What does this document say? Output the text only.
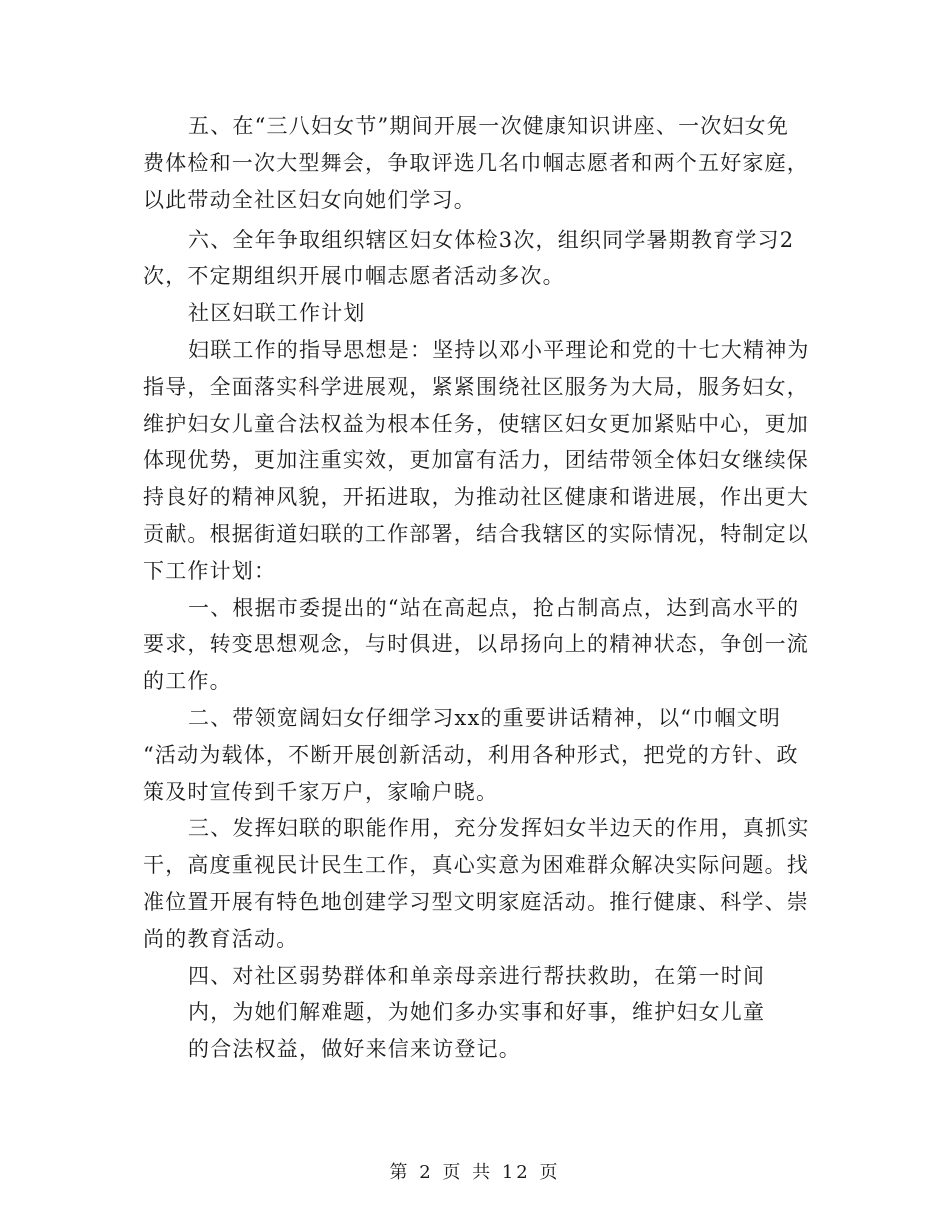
五、在“三八妇女节”期间开展一次健康知识讲座、一次妇女免
费体检和一次大型舞会，争取评选几名巾帼志愿者和两个五好家庭，
以此带动全社区妇女向她们学习。
六、全年争取组织辖区妇女体检3次，组织同学暑期教育学习2
次，不定期组织开展巾帼志愿者活动多次。
社区妇联工作计划
妇联工作的指导思想是：坚持以邓小平理论和党的十七大精神为
指导，全面落实科学进展观，紧紧围绕社区服务为大局，服务妇女，
维护妇女儿童合法权益为根本任务，使辖区妇女更加紧贴中心，更加
体现优势，更加注重实效，更加富有活力，团结带领全体妇女继续保
持良好的精神风貌，开拓进取，为推动社区健康和谐进展，作出更大
贡献。根据街道妇联的工作部署，结合我辖区的实际情况，特制定以
下工作计划：
一、根据市委提出的“站在高起点，抢占制高点，达到高水平的
要求，转变思想观念，与时俱进，以昂扬向上的精神状态，争创一流
的工作。
二、带领宽阔妇女仔细学习xx的重要讲话精神，以“巾帼文明
“活动为载体，不断开展创新活动，利用各种形式，把党的方针、政
策及时宣传到千家万户，家喻户晓。
三、发挥妇联的职能作用，充分发挥妇女半边天的作用，真抓实
干，高度重视民计民生工作，真心实意为困难群众解决实际问题。找
准位置开展有特色地创建学习型文明家庭活动。推行健康、科学、崇
尚的教育活动。
四、对社区弱势群体和单亲母亲进行帮扶救助，在第一时间
内，为她们解难题，为她们多办实事和好事，维护妇女儿童
的合法权益，做好来信来访登记。
第 2 页 共 12 页
